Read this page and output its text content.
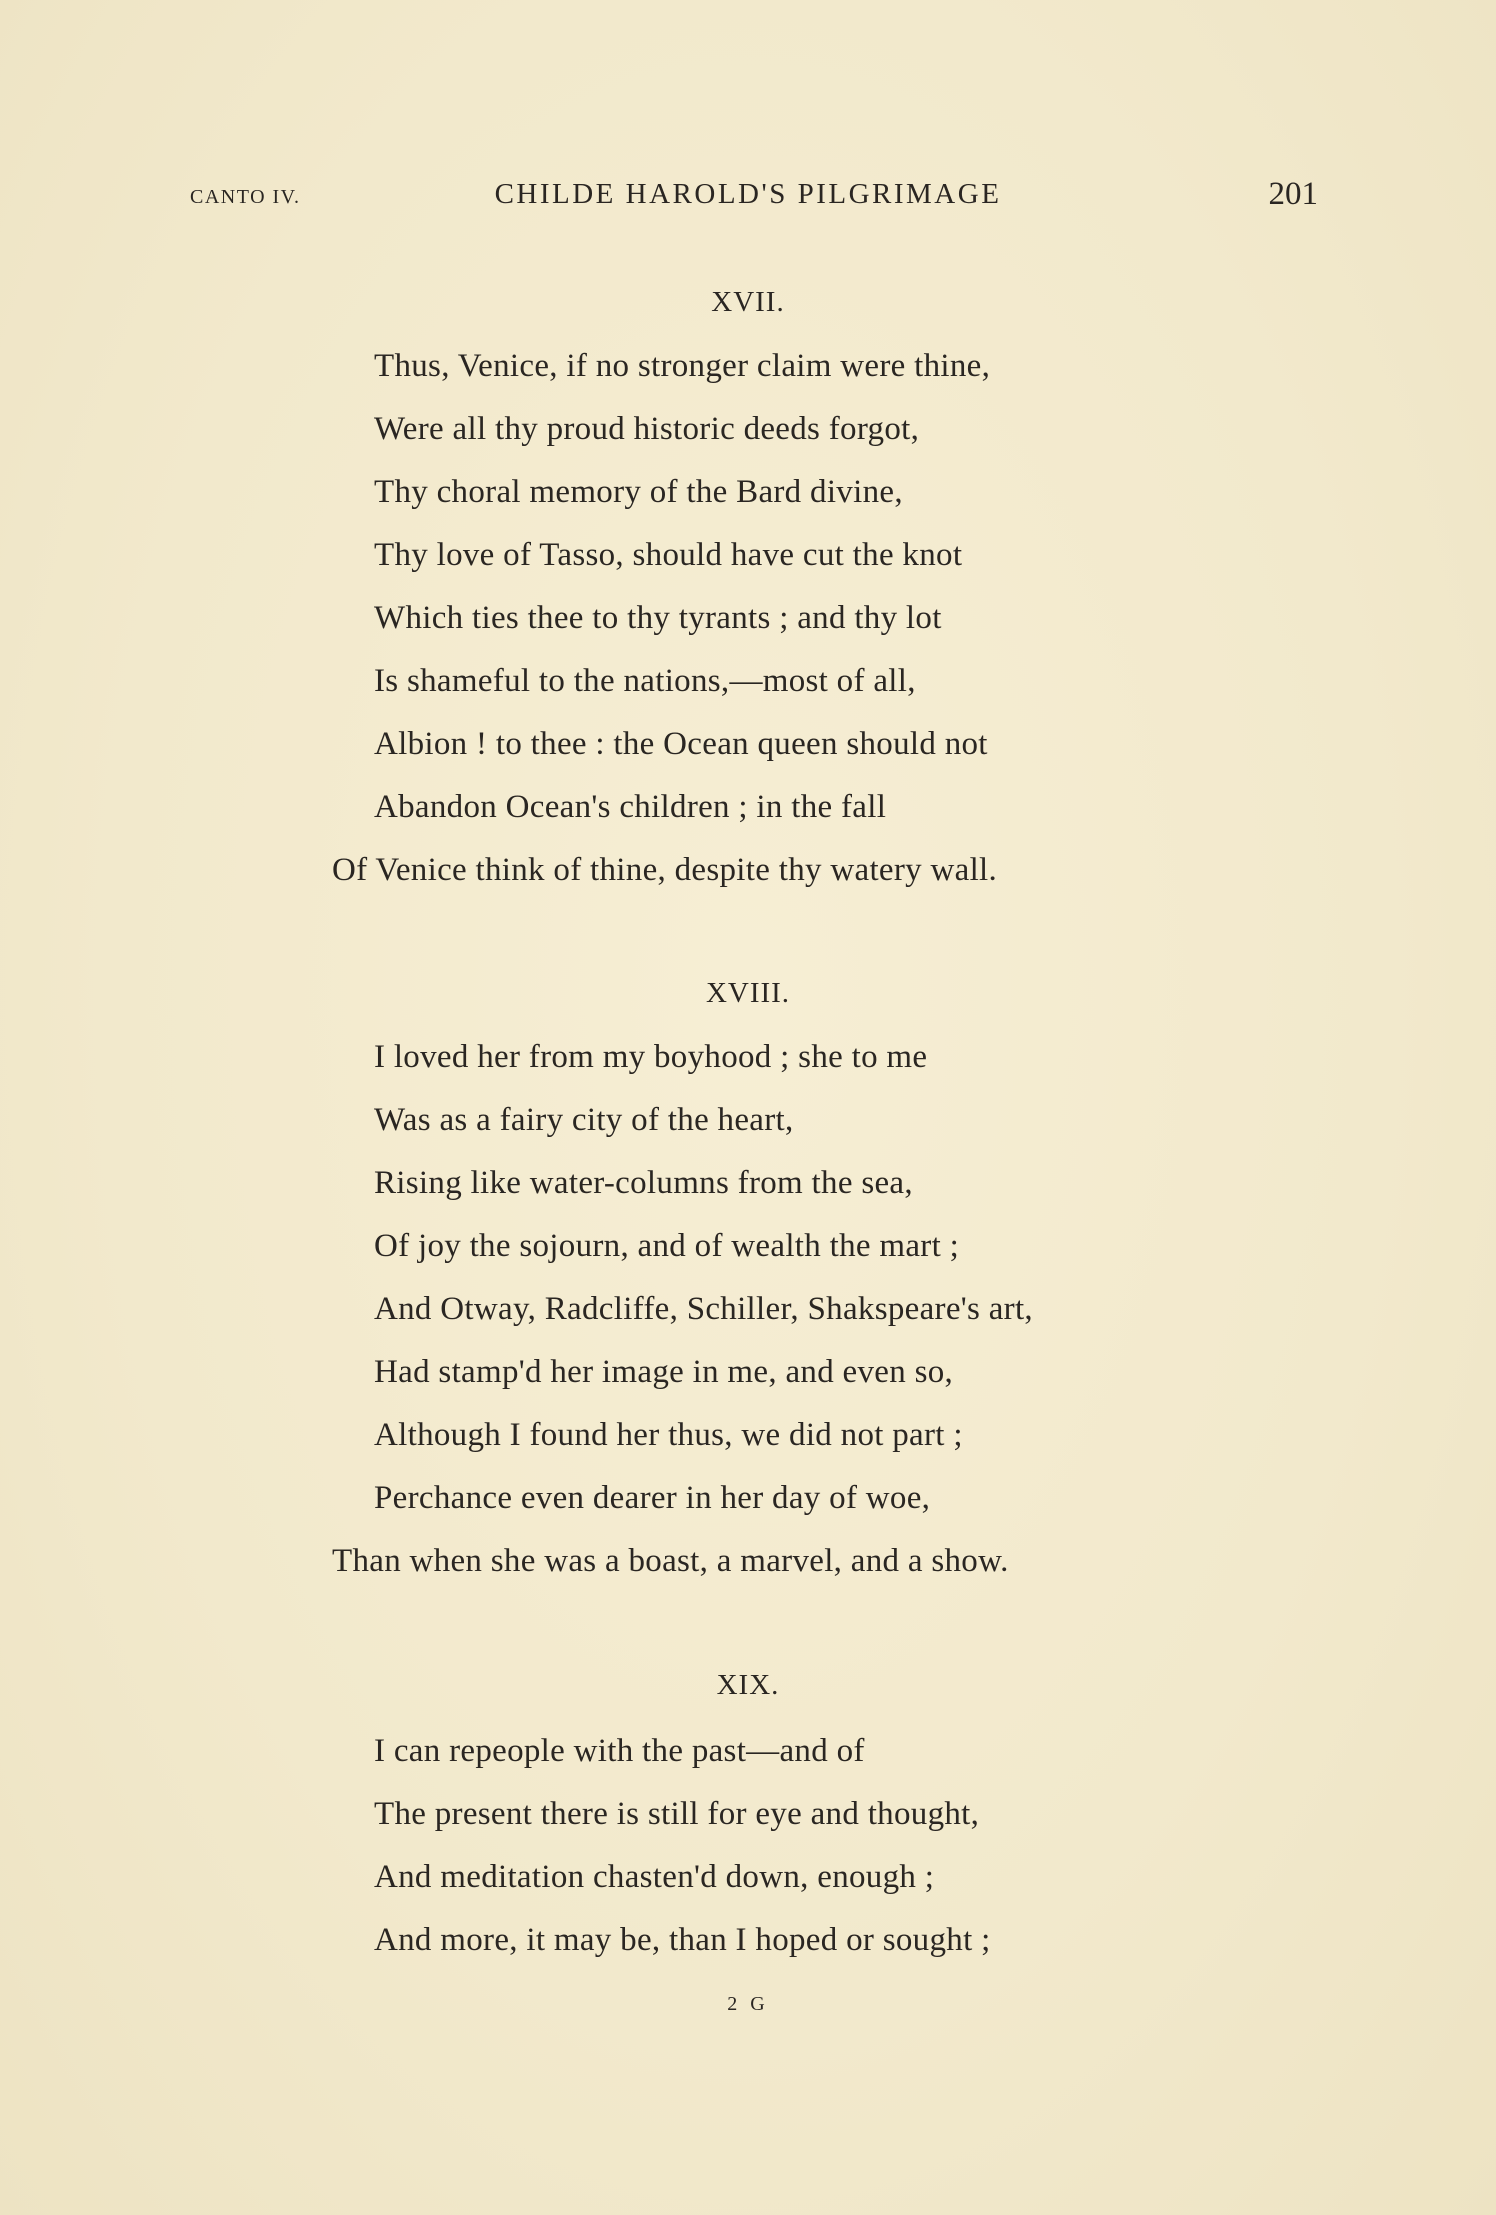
CANTO IV.	CHILDE HAROLD'S PILGRIMAGE	201
XVII.
Thus, Venice, if no stronger claim were thine,
Were all thy proud historic deeds forgot,
Thy choral memory of the Bard divine,
Thy love of Tasso, should have cut the knot
Which ties thee to thy tyrants ; and thy lot
Is shameful to the nations,—most of all,
Albion ! to thee : the Ocean queen should not
Abandon Ocean's children ; in the fall
Of Venice think of thine, despite thy watery wall.
XVIII.
I loved her from my boyhood ; she to me
Was as a fairy city of the heart,
Rising like water-columns from the sea,
Of joy the sojourn, and of wealth the mart ;
And Otway, Radcliffe, Schiller, Shakspeare's art,
Had stamp'd her image in me, and even so,
Although I found her thus, we did not part ;
Perchance even dearer in her day of woe,
Than when she was a boast, a marvel, and a show.
XIX.
I can repeople with the past—and of
The present there is still for eye and thought,
And meditation chasten'd down, enough ;
And more, it may be, than I hoped or sought ;
2 G
